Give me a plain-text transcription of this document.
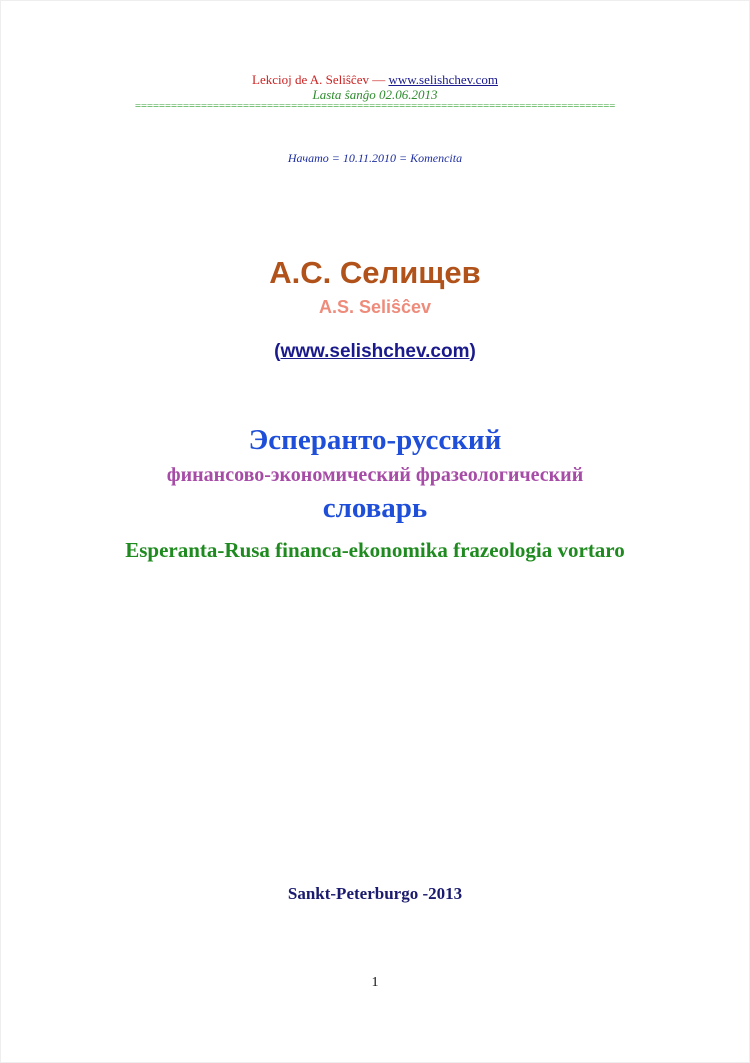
Lekcioj de A. Seliŝĉev — www.selishchev.com
Lasta ŝanĝo 02.06.2013
================================================================================
Начато = 10.11.2010 = Komencita
А.С. Селищев
A.S. Seliŝĉev
(www.selishchev.com)
Эсперанто-русский
финансово-экономический фразеологический
словарь
Esperanta-Rusa financa-ekonomika frazeologia vortaro
Sankt-Peterburgo -2013
1
